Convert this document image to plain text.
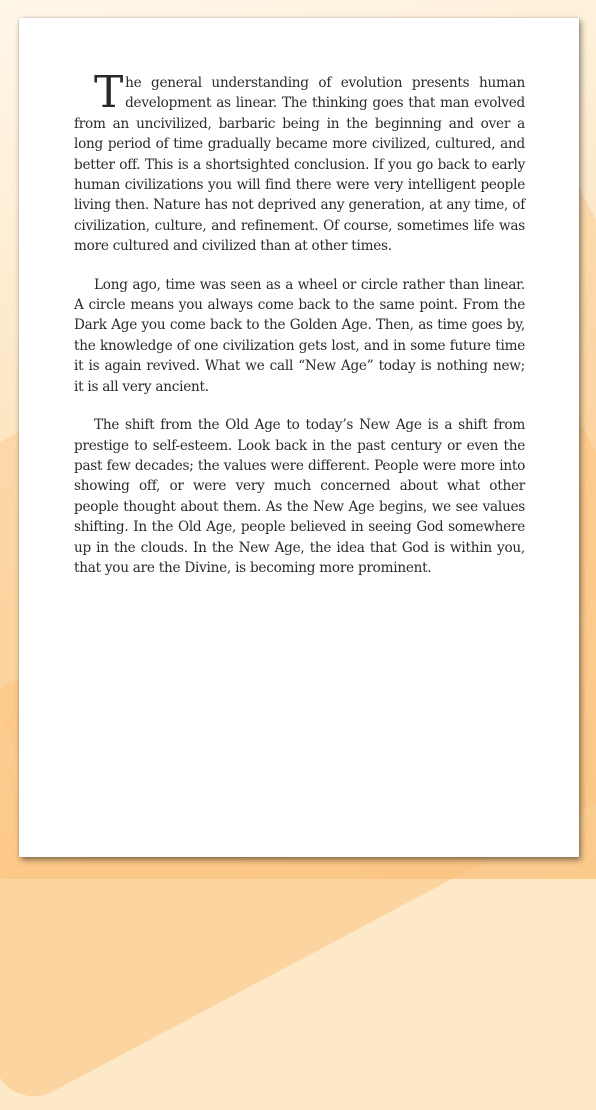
The general understanding of evolution presents human development as linear. The thinking goes that man evolved from an uncivilized, barbaric being in the beginning and over a long period of time gradually became more civilized, cultured, and better off. This is a shortsighted conclusion. If you go back to early human civilizations you will find there were very intelligent people living then. Nature has not deprived any generation, at any time, of civilization, culture, and refinement. Of course, sometimes life was more cultured and civilized than at other times.

Long ago, time was seen as a wheel or circle rather than linear. A circle means you always come back to the same point. From the Dark Age you come back to the Golden Age. Then, as time goes by, the knowledge of one civilization gets lost, and in some future time it is again revived. What we call “New Age” today is nothing new; it is all very ancient.

The shift from the Old Age to today’s New Age is a shift from prestige to self-esteem. Look back in the past century or even the past few decades; the values were different. People were more into showing off, or were very much concerned about what other people thought about them. As the New Age begins, we see values shifting. In the Old Age, people believed in seeing God somewhere up in the clouds. In the New Age, the idea that God is within you, that you are the Divine, is becoming more prominent.
